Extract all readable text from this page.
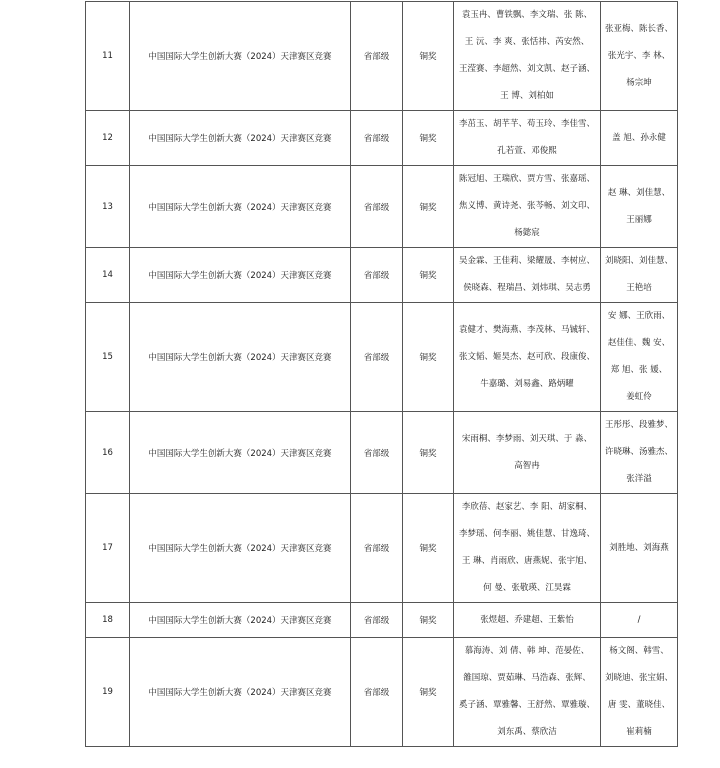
11	中国国际大学生创新大赛（2024）天津赛区竞赛	省部级	铜奖	袁玉冉、曹铁飘、李文瑞、张 陈、
王 沅、李 爽、张恬祎、芮安然、
王滢赛、李超然、刘文凯、赵子涵、
王 博、刘柏如	张亚梅、陈长香、
张光宇、李 林、
杨宗坤

12	中国国际大学生创新大赛（2024）天津赛区竞赛	省部级	铜奖	李茁玉、胡芊芊、苟玉玲、李佳雪、
孔若萱、邓俊熙	盖 旭、孙永健

13	中国国际大学生创新大赛（2024）天津赛区竞赛	省部级	铜奖	陈冠旭、王瑞欣、贾方雪、张嘉瑶、
焦义博、黄诗尧、张芩畅、刘文印、
杨懿宸	赵 琳、刘佳慧、
王丽娜

14	中国国际大学生创新大赛（2024）天津赛区竞赛	省部级	铜奖	吴金霖、王佳莉、梁耀晟、李树应、
侯晓森、程瑞昌、刘炜琪、吴志勇	刘晓阳、刘佳慧、
王艳培

15	中国国际大学生创新大赛（2024）天津赛区竞赛	省部级	铜奖	袁健才、樊海燕、李茂林、马铖轩、
张文韬、姬昊杰、赵可欣、段康俊、
牛嘉璐、刘易鑫、路炳曜	安 娜、王欣雨、
赵佳佳、魏 安、
郑 旭、张 媛、
姜虹伶

16	中国国际大学生创新大赛（2024）天津赛区竞赛	省部级	铜奖	宋雨桐、李梦雨、刘天琪、于 淼、
高智冉	王彤彤、段雅梦、
许晓琳、汤雅杰、
张洋溢

17	中国国际大学生创新大赛（2024）天津赛区竞赛	省部级	铜奖	李欣蓓、赵家艺、李 阳、胡家桐、
李梦瑶、何李丽、姚佳慧、甘逸琦、
王 琳、肖雨欣、唐燕妮、张宇旭、
何 曼、张敬瑛、江昊霖	刘胜地、刘海燕

18	中国国际大学生创新大赛（2024）天津赛区竞赛	省部级	铜奖	张煜超、乔建超、王紫怡	/

19	中国国际大学生创新大赛（2024）天津赛区竞赛	省部级	铜奖	慕海涛、刘 倩、韩 坤、范晏佐、
雒国琼、贾茹琳、马浩森、张辉、
奚子涵、覃雅馨、王舒然、覃雅璇、
刘东禹、蔡欣洁	杨文阁、韩雪、
刘晓迪、张宝娟、
唐 雯、董晓佳、
崔莉楠
